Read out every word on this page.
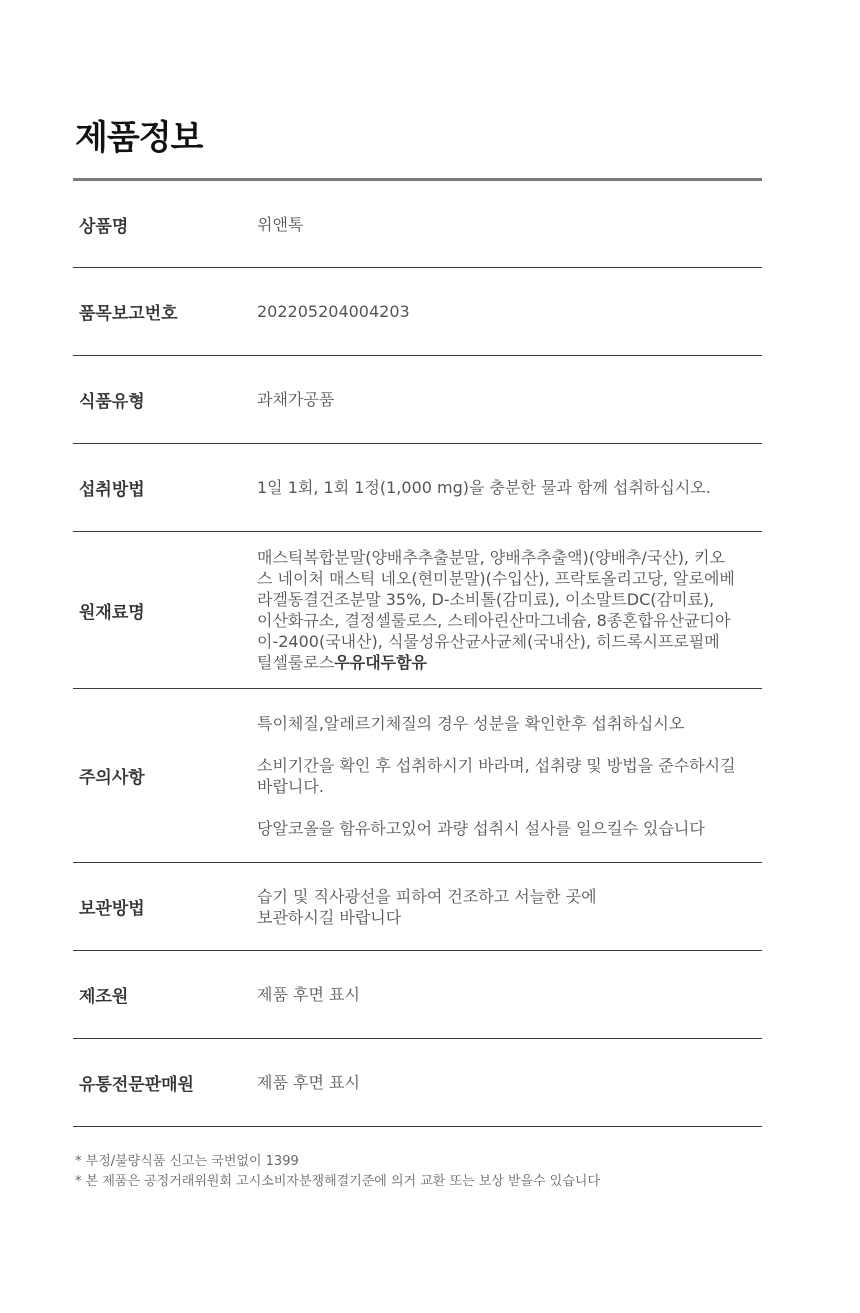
제품정보
상품명	위앤톡

품목보고번호	202205204004203

식품유형	과채가공품

섭취방법	1일 1회, 1회 1정(1,000 mg)을 충분한 물과 함께 섭취하십시오.

원재료명
매스틱복합분말(양배추추출분말, 양배추추출액)(양배추/국산), 키오
스 네이처 매스틱 네오(현미분말)(수입산), 프락토올리고당, 알로에베
라겔동결건조분말 35%, D-소비톨(감미료), 이소말트DC(감미료),
이산화규소, 결정셀룰로스, 스테아린산마그네슘, 8종혼합유산균디아
이-2400(국내산), 식물성유산균사균체(국내산), 히드록시프로필메
틸셀룰로스우유대두함유
주의사항

특이체질,알레르기체질의 경우 성분을 확인한후 섭취하십시오

소비기간을 확인 후 섭취하시기 바라며, 섭취량 및 방법을 준수하시길
바랍니다.

당알코올을 함유하고있어 과량 섭취시 설사를 일으킬수 있습니다

보관방법
습기 및 직사광선을 피하여 건조하고 서늘한 곳에
보관하시길 바랍니다
제조원	제품 후면 표시

유통전문판매원	제품 후면 표시

* 부정/불량식품 신고는 국번없이 1399
* 본 제품은 공정거래위원회 고시소비자분쟁해결기준에 의거 교환 또는 보상 받을수 있습니다
